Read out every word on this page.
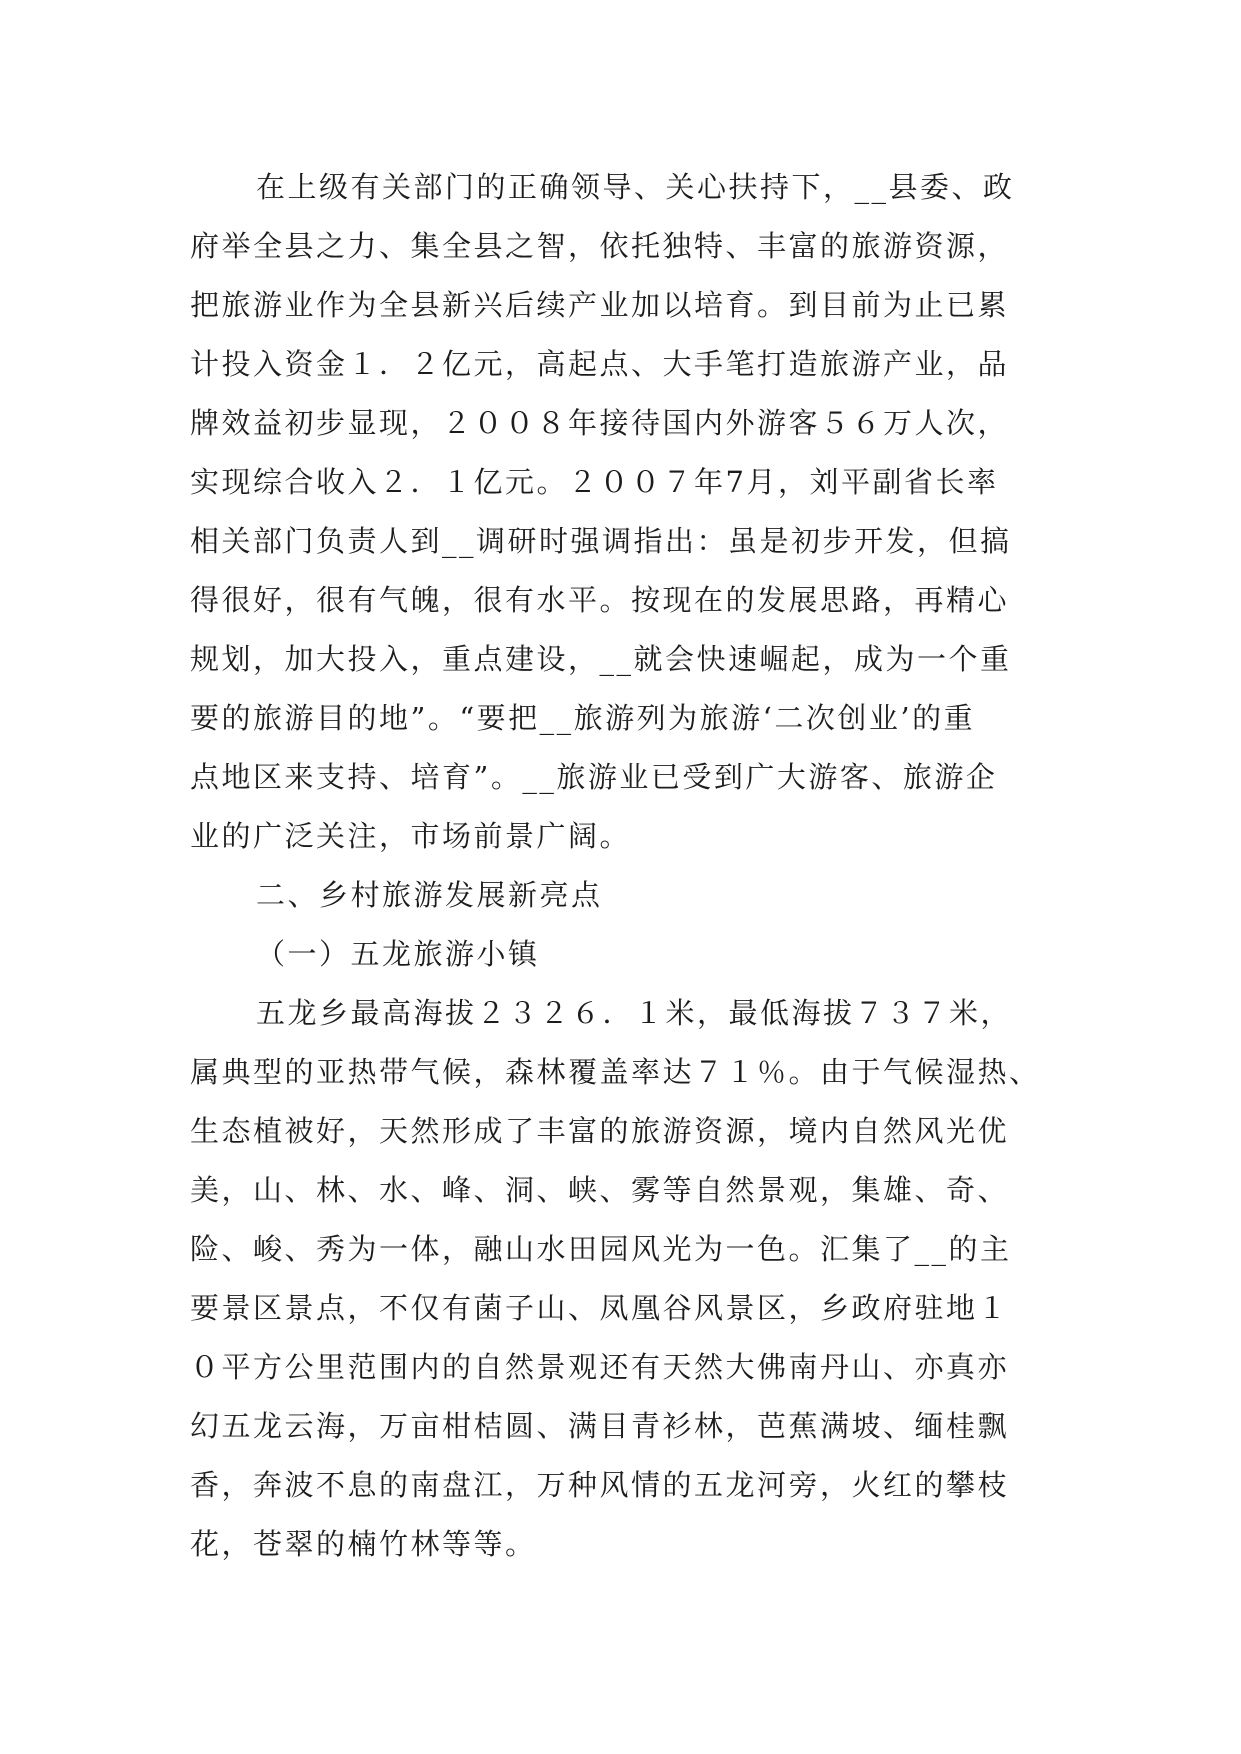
在上级有关部门的正确领导、关心扶持下，__县委、政
府举全县之力、集全县之智，依托独特、丰富的旅游资源，
把旅游业作为全县新兴后续产业加以培育。到目前为止已累
计投入资金１．２亿元，高起点、大手笔打造旅游产业，品
牌效益初步显现，２００８年接待国内外游客５６万人次，
实现综合收入２．１亿元。２００７年7月，刘平副省长率
相关部门负责人到__调研时强调指出：虽是初步开发，但搞
得很好，很有气魄，很有水平。按现在的发展思路，再精心
规划，加大投入，重点建设，__就会快速崛起，成为一个重
要的旅游目的地”。“要把__旅游列为旅游‘二次创业’的重
点地区来支持、培育”。__旅游业已受到广大游客、旅游企
业的广泛关注，市场前景广阔。
二、乡村旅游发展新亮点
（一）五龙旅游小镇
五龙乡最高海拔２３２６．１米，最低海拔７３７米，
属典型的亚热带气候，森林覆盖率达７１％。由于气候湿热、
生态植被好，天然形成了丰富的旅游资源，境内自然风光优
美，山、林、水、峰、洞、峡、雾等自然景观，集雄、奇、
险、峻、秀为一体，融山水田园风光为一色。汇集了__的主
要景区景点，不仅有菌子山、凤凰谷风景区，乡政府驻地１
０平方公里范围内的自然景观还有天然大佛南丹山、亦真亦
幻五龙云海，万亩柑桔圆、满目青衫林，芭蕉满坡、缅桂飘
香，奔波不息的南盘江，万种风情的五龙河旁，火红的攀枝
花，苍翠的楠竹林等等。
